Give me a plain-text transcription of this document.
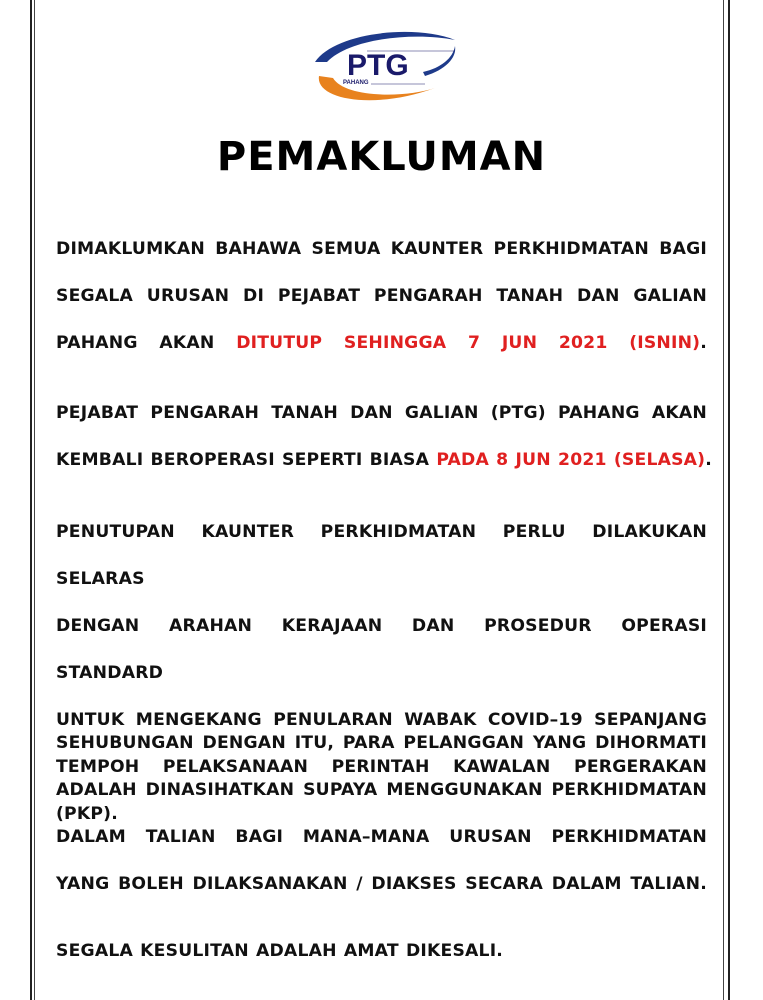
PTG
PAHANG
PEMAKLUMAN
DIMAKLUMKAN BAHAWA SEMUA KAUNTER PERKHIDMATAN BAGI
SEGALA URUSAN DI PEJABAT PENGARAH TANAH DAN GALIAN
PAHANG AKAN DITUTUP SEHINGGA 7 JUN 2021 (ISNIN).
PEJABAT PENGARAH TANAH DAN GALIAN (PTG) PAHANG AKAN
KEMBALI BEROPERASI SEPERTI BIASA PADA 8 JUN 2021 (SELASA).
PENUTUPAN KAUNTER PERKHIDMATAN PERLU DILAKUKAN SELARAS
DENGAN ARAHAN KERAJAAN DAN PROSEDUR OPERASI STANDARD
UNTUK MENGEKANG PENULARAN WABAK COVID–19 SEPANJANG
TEMPOH PELAKSANAAN PERINTAH KAWALAN PERGERAKAN (PKP).
SEHUBUNGAN DENGAN ITU, PARA PELANGGAN YANG DIHORMATI
ADALAH DINASIHATKAN SUPAYA MENGGUNAKAN PERKHIDMATAN
DALAM TALIAN BAGI MANA–MANA URUSAN PERKHIDMATAN
YANG BOLEH DILAKSANAKAN / DIAKSES SECARA DALAM TALIAN.
SEGALA KESULITAN ADALAH AMAT DIKESALI.
